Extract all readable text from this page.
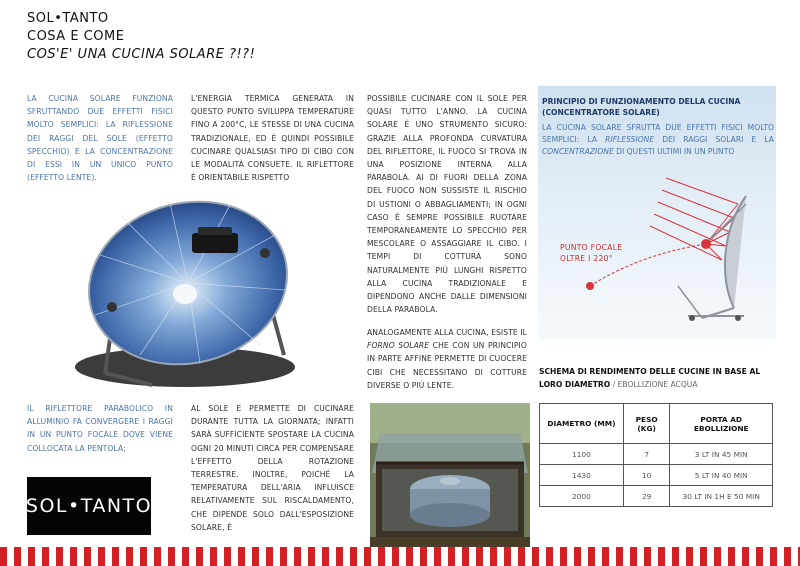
SOL•TANTO
COSA E COME
COS'E' UNA CUCINA SOLARE ?!?!

LA CUCINA SOLARE FUNZIONA SFRUTTANDO DUE EFFETTI FISICI MOLTO SEMPLICI: LA RIFLESSIONE DEI RAGGI DEL SOLE (EFFETTO SPECCHIO) E LA CONCENTRAZIONE DI ESSI IN UN UNICO PUNTO (EFFETTO LENTE).

L'ENERGIA TERMICA GENERATA IN QUESTO PUNTO SVILUPPA TEMPERATURE FINO A 200°C, LE STESSE DI UNA CUCINA TRADIZIONALE, ED È QUINDI POSSIBILE CUCINARE QUALSIASI TIPO DI CIBO CON LE MODALITÀ CONSUETE. IL RIFLETTORE È ORIENTABILE RISPETTO

POSSIBILE CUCINARE CON IL SOLE PER QUASI TUTTO L'ANNO. LA CUCINA SOLARE È UNO STRUMENTO SICURO: GRAZIE ALLA PROFONDA CURVATURA DEL RIFLETTORE, IL FUOCO SI TROVA IN UNA POSIZIONE INTERNA ALLA PARABOLA. AI DI FUORI DELLA ZONA DEL FUOCO NON SUSSISTE IL RISCHIO DI USTIONI O ABBAGLIAMENTI; IN OGNI CASO È SEMPRE POSSIBILE RUOTARE TEMPORANEAMENTE LO SPECCHIO PER MESCOLARE O ASSAGGIARE IL CIBO. I TEMPI DI COTTURA SONO NATURALMENTE PIÙ LUNGHI RISPETTO ALLA CUCINA TRADIZIONALE E DIPENDONO ANCHE DALLE DIMENSIONI DELLA PARABOLA.

ANALOGAMENTE ALLA CUCINA, ESISTE IL FORNO SOLARE CHE CON UN PRINCIPIO IN PARTE AFFINE PERMETTE DI CUOCERE CIBI CHE NECESSITANO DI COTTURE DIVERSE O PIÙ LENTE.

IL RIFLETTORE PARABOLICO IN ALLUMINIO FA CONVERGERE I RAGGI IN UN PUNTO FOCALE DOVE VIENE COLLOCATA LA PENTOLA;

AL SOLE E PERMETTE DI CUCINARE DURANTE TUTTA LA GIORNATA; INFATTI SARÀ SUFFICIENTE SPOSTARE LA CUCINA OGNI 20 MINUTI CIRCA PER COMPENSARE L'EFFETTO DELLA ROTAZIONE TERRESTRE. INOLTRE, POICHÉ LA TEMPERATURA DELL'ARIA INFLUISCE RELATIVAMENTE SUL RISCALDAMENTO, CHE DIPENDE SOLO DALL'ESPOSIZIONE SOLARE, È

SOL•TANTO
PRINCIPIO DI FUNZIONAMENTO DELLA CUCINA (CONCENTRATORE SOLARE)
LA CUCINA SOLARE SFRUTTA DUE EFFETTI FISICI MOLTO SEMPLICI: LA RIFLESSIONE DEI RAGGI SOLARI E LA CONCENTRAZIONE DI QUESTI ULTIMI IN UN PUNTO
PUNTO FOCALE
OLTRE I 220°
SCHEMA DI RENDIMENTO DELLE CUCINE IN BASE AL LORO DIAMETRO / EBOLLIZIONE ACQUA
DIAMETRO (MM)	PESO (KG)	PORTA AD EBOLLIZIONE
1100	7	3 LT IN 45 MIN
1430	10	5 LT IN 40 MIN
2000	29	30 LT IN 1H E 50 MIN
